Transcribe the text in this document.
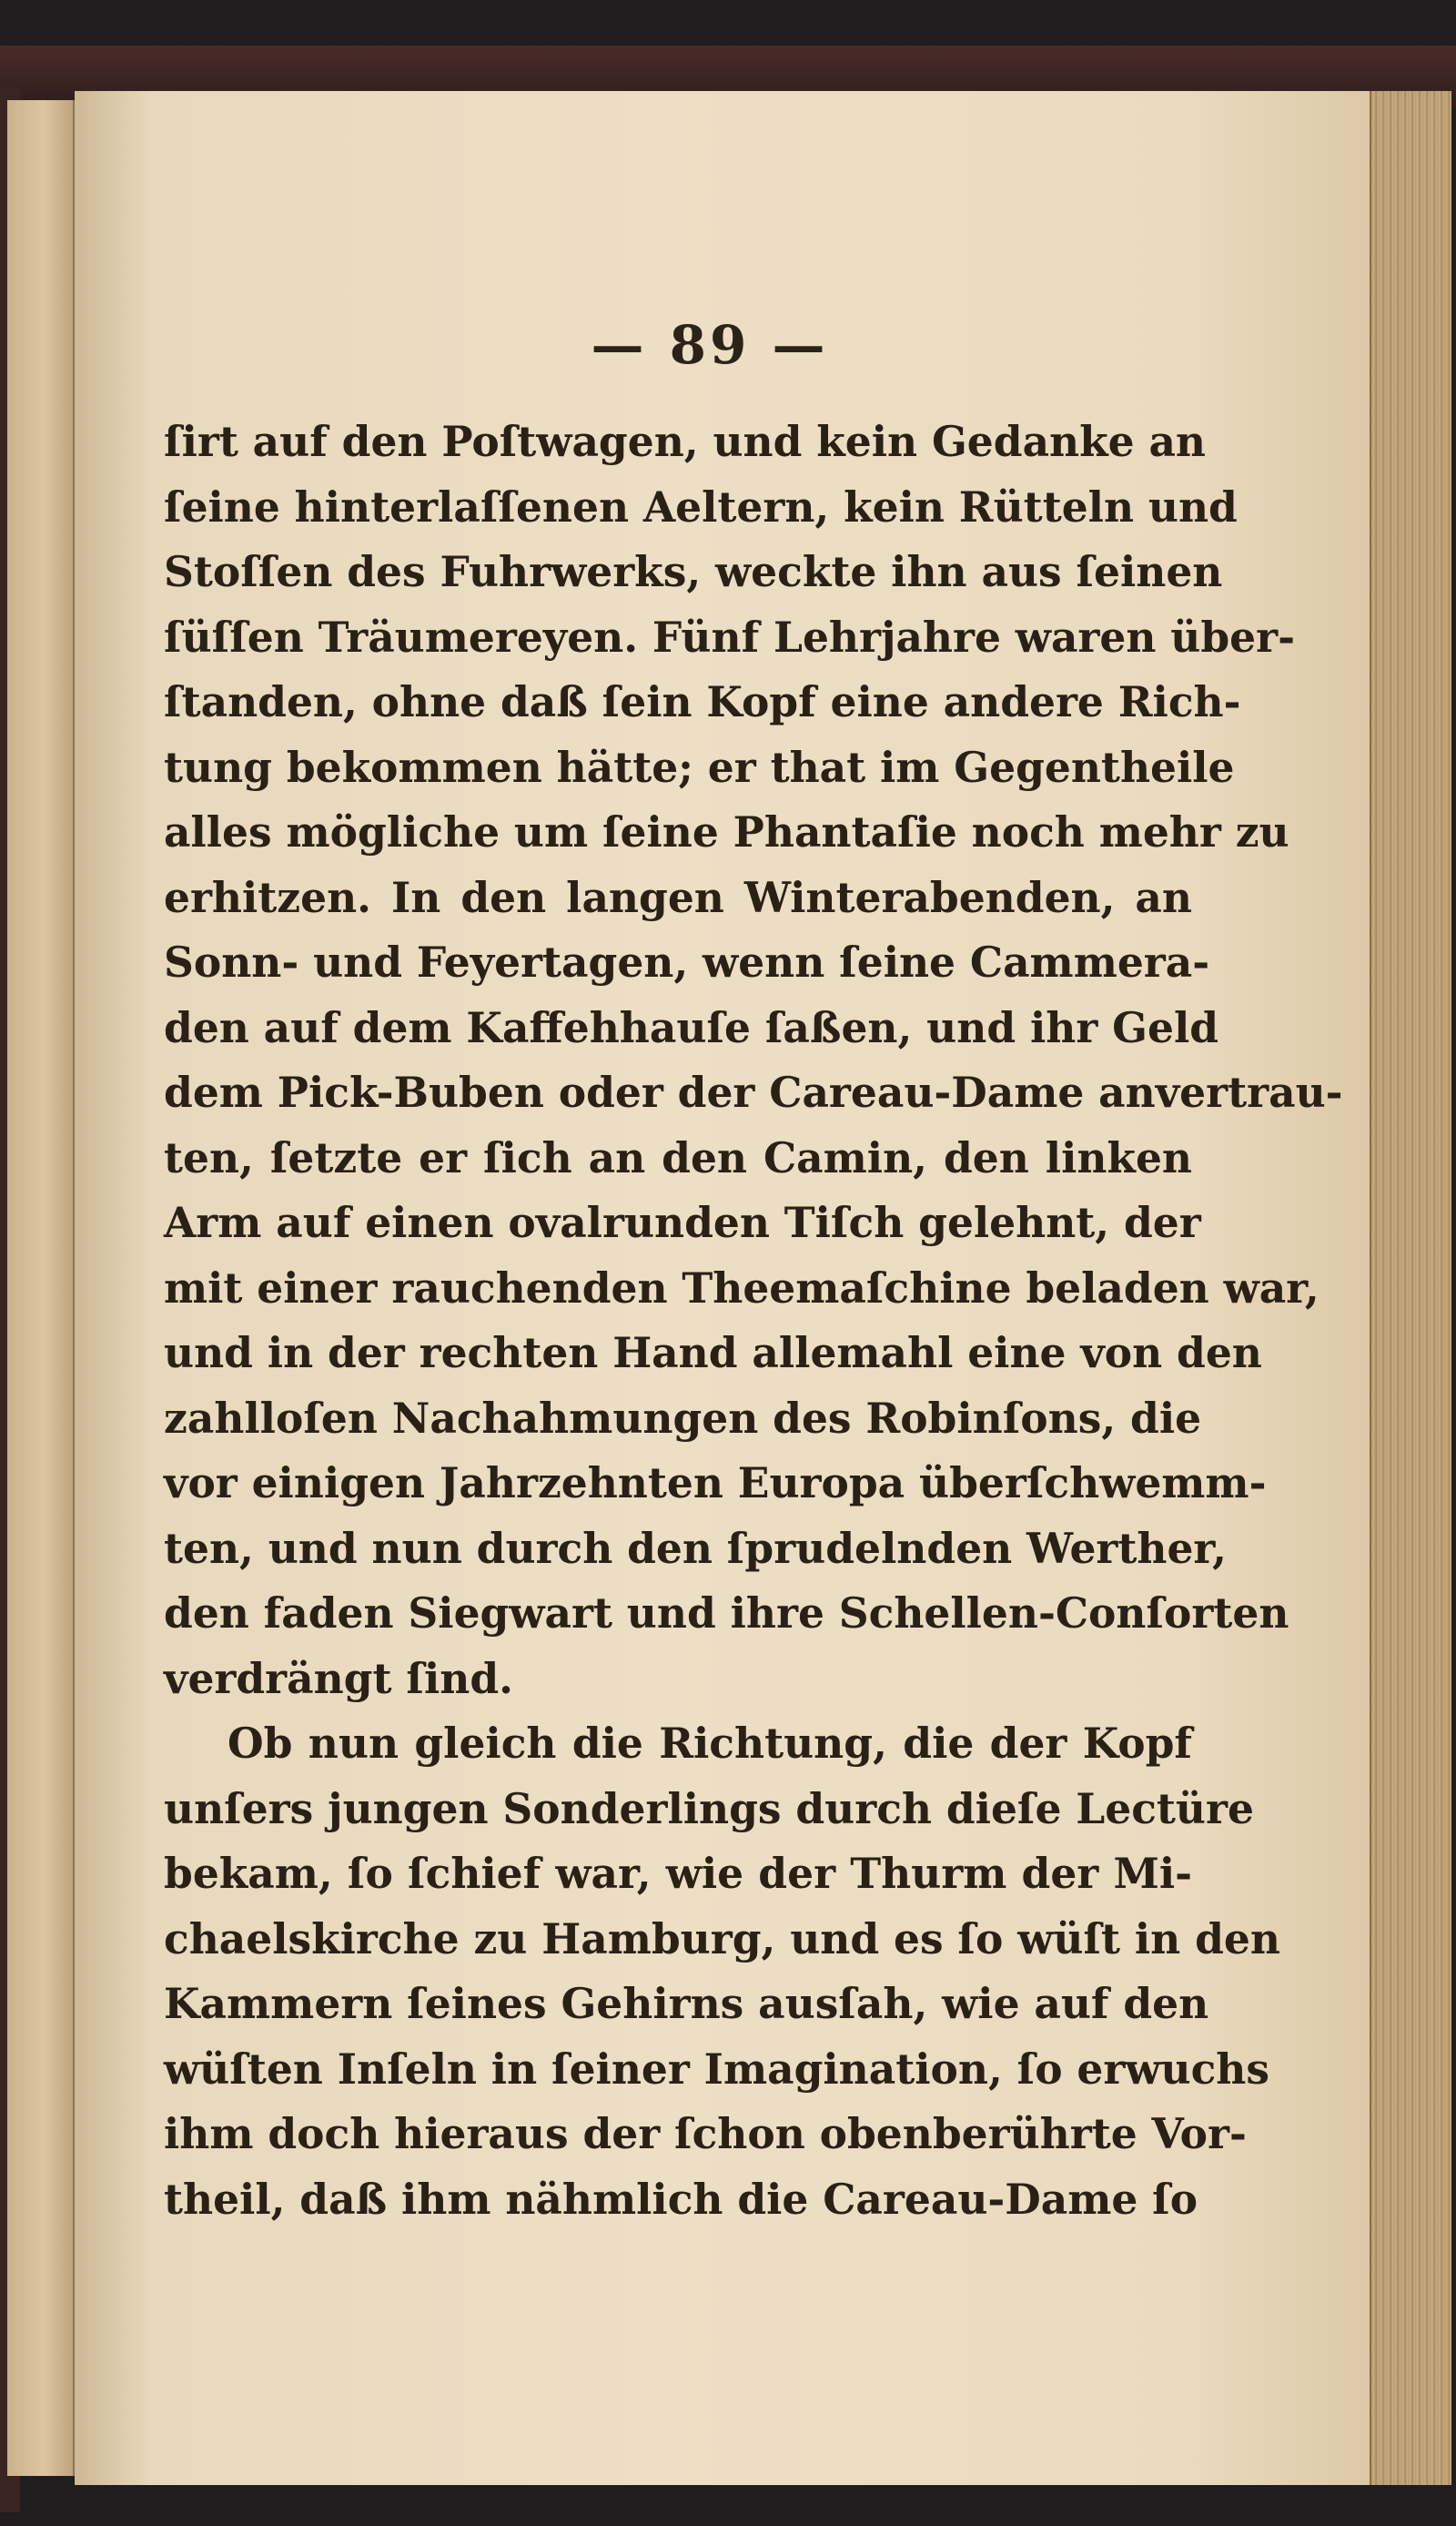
— 89 —
ſirt auf den Poſtwagen, und kein Gedanke an
ſeine hinterlaſſenen Aeltern, kein Rütteln und
Stoſſen des Fuhrwerks, weckte ihn aus ſeinen
ſüſſen Träumereyen. Fünf Lehrjahre waren über-
ſtanden, ohne daß ſein Kopf eine andere Rich-
tung bekommen hätte; er that im Gegentheile
alles mögliche um ſeine Phantaſie noch mehr zu
erhitzen. In den langen Winterabenden, an
Sonn- und Feyertagen, wenn ſeine Cammera-
den auf dem Kaffehhauſe ſaßen, und ihr Geld
dem Pick-Buben oder der Careau-Dame anvertrau-
ten, ſetzte er ſich an den Camin, den linken
Arm auf einen ovalrunden Tiſch gelehnt, der
mit einer rauchenden Theemaſchine beladen war,
und in der rechten Hand allemahl eine von den
zahlloſen Nachahmungen des Robinſons, die
vor einigen Jahrzehnten Europa überſchwemm-
ten, und nun durch den ſprudelnden Werther,
den faden Siegwart und ihre Schellen-Conſorten
verdrängt ſind.
Ob nun gleich die Richtung, die der Kopf
unſers jungen Sonderlings durch dieſe Lectüre
bekam, ſo ſchief war, wie der Thurm der Mi-
chaelskirche zu Hamburg, und es ſo wüſt in den
Kammern ſeines Gehirns ausſah, wie auf den
wüſten Inſeln in ſeiner Imagination, ſo erwuchs
ihm doch hieraus der ſchon obenberührte Vor-
theil, daß ihm nähmlich die Careau-Dame ſo
